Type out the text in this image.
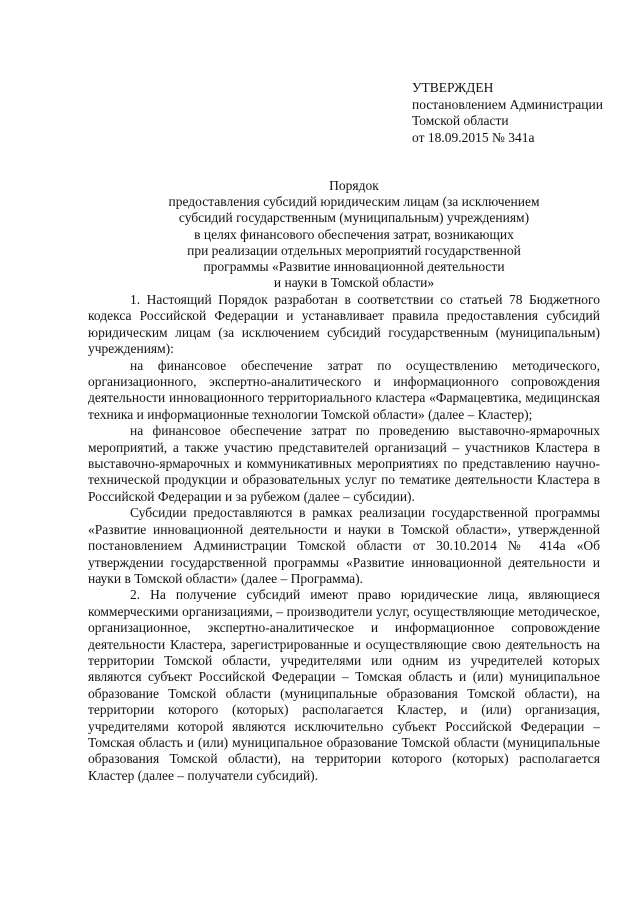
УТВЕРЖДЕН
постановлением Администрации
Томской области
от 18.09.2015 № 341а
Порядок
предоставления субсидий юридическим лицам (за исключением
субсидий государственным (муниципальным) учреждениям)
в целях финансового обеспечения затрат, возникающих
при реализации отдельных мероприятий государственной
программы «Развитие инновационной деятельности
и науки в Томской области»

1. Настоящий Порядок разработан в соответствии со статьей 78 Бюджетного кодекса Российской Федерации и устанавливает правила предоставления субсидий юридическим лицам (за исключением субсидий государственным (муниципальным) учреждениям):

на финансовое обеспечение затрат по осуществлению методического, организационного, экспертно-аналитического и информационного сопровождения деятельности инновационного территориального кластера «Фармацевтика, медицинская техника и информационные технологии Томской области» (далее – Кластер);

на финансовое обеспечение затрат по проведению выставочно-ярмарочных мероприятий, а также участию представителей организаций – участников Кластера в выставочно-ярмарочных и коммуникативных мероприятиях по представлению научно-технической продукции и образовательных услуг по тематике деятельности Кластера в Российской Федерации и за рубежом (далее – субсидии).

Субсидии предоставляются в рамках реализации государственной программы «Развитие инновационной деятельности и науки в Томской области», утвержденной постановлением Администрации Томской области от 30.10.2014 № 414а «Об утверждении государственной программы «Развитие инновационной деятельности и науки в Томской области» (далее – Программа).

2. На получение субсидий имеют право юридические лица, являющиеся коммерческими организациями, – производители услуг, осуществляющие методическое, организационное, экспертно-аналитическое и информационное сопровождение деятельности Кластера, зарегистрированные и осуществляющие свою деятельность на территории Томской области, учредителями или одним из учредителей которых являются субъект Российской Федерации – Томская область и (или) муниципальное образование Томской области (муниципальные образования Томской области), на территории которого (которых) располагается Кластер, и (или) организация, учредителями которой являются исключительно субъект Российской Федерации – Томская область и (или) муниципальное образование Томской области (муниципальные образования Томской области), на территории которого (которых) располагается Кластер (далее – получатели субсидий).
